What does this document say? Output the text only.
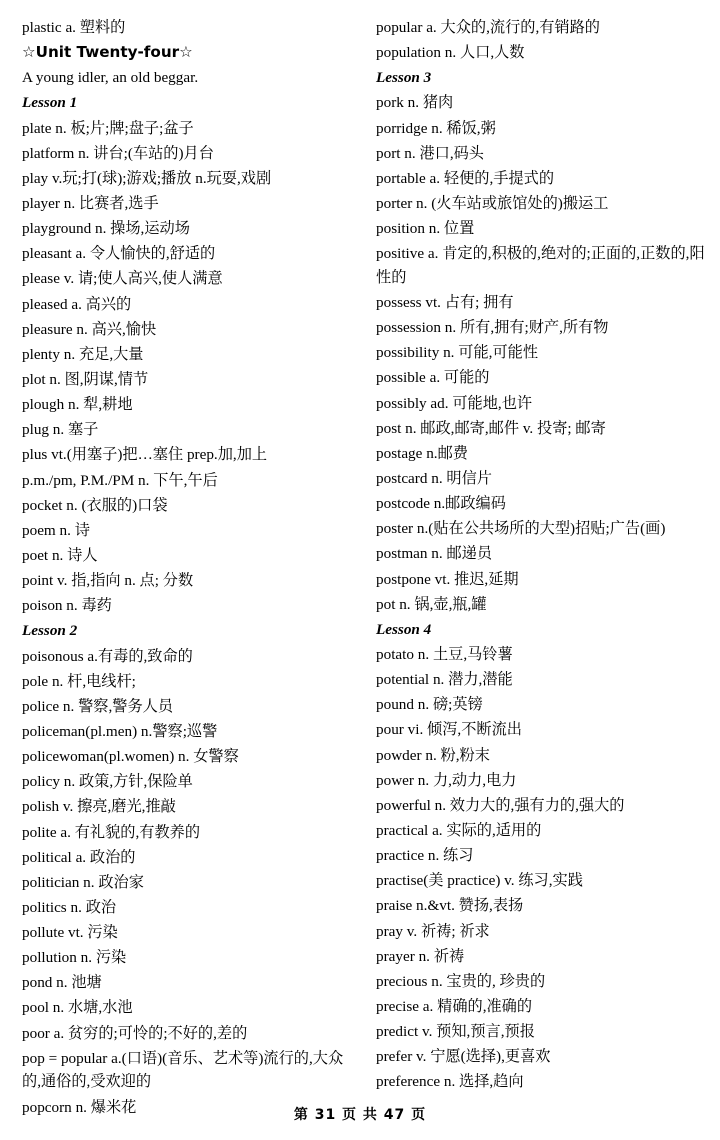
plastic a. 塑料的

☆Unit Twenty-four☆

A young idler, an old beggar.

Lesson 1

plate n. 板;片;牌;盘子;盆子

platform n. 讲台;(车站的)月台

play v.玩;打(球);游戏;播放 n.玩耍,戏剧

player n. 比赛者,选手

playground n. 操场,运动场

pleasant a. 令人愉快的,舒适的

please v. 请;使人高兴,使人满意

pleased a. 高兴的

pleasure n. 高兴,愉快

plenty n. 充足,大量

plot n. 图,阴谋,情节

plough n. 犁,耕地

plug n. 塞子

plus vt.(用塞子)把…塞住 prep.加,加上

p.m./pm, P.M./PM n. 下午,午后

pocket n. (衣服的)口袋

poem n. 诗

poet n. 诗人

point v. 指,指向 n. 点; 分数

poison n. 毒药

Lesson 2

poisonous a.有毒的,致命的

pole n. 杆,电线杆;

police n. 警察,警务人员

policeman(pl.men) n.警察;巡警

policewoman(pl.women) n. 女警察

policy n. 政策,方针,保险单

polish v. 擦亮,磨光,推敲

polite a. 有礼貌的,有教养的

political a. 政治的

politician n. 政治家

politics n. 政治

pollute vt. 污染

pollution n. 污染

pond n. 池塘

pool n. 水塘,水池

poor a. 贫穷的;可怜的;不好的,差的

pop = popular a.(口语)(音乐、艺术等)流行的,大众的,通俗的,受欢迎的

popcorn n. 爆米花

popular a. 大众的,流行的,有销路的

population n. 人口,人数

Lesson 3

pork n. 猪肉

porridge n. 稀饭,粥

port n. 港口,码头

portable a. 轻便的,手提式的

porter n. (火车站或旅馆处的)搬运工

position n. 位置

positive a. 肯定的,积极的,绝对的;正面的,正数的,阳性的

possess vt. 占有; 拥有

possession n. 所有,拥有;财产,所有物

possibility n. 可能,可能性

possible a. 可能的

possibly ad. 可能地,也许

post n. 邮政,邮寄,邮件 v. 投寄; 邮寄

postage n.邮费

postcard n. 明信片

postcode n.邮政编码

poster n.(贴在公共场所的大型)招贴;广告(画)

postman n. 邮递员

postpone vt. 推迟,延期

pot n. 锅,壶,瓶,罐

Lesson 4

potato n. 土豆,马铃薯

potential n. 潜力,潜能

pound n. 磅;英镑

pour vi. 倾泻,不断流出

powder n. 粉,粉末

power n. 力,动力,电力

powerful n. 效力大的,强有力的,强大的

practical a. 实际的,适用的

practice n. 练习

practise(美 practice) v. 练习,实践

praise n.&vt. 赞扬,表扬

pray v. 祈祷; 祈求

prayer n. 祈祷

precious n. 宝贵的, 珍贵的

precise a. 精确的,准确的

predict v. 预知,预言,预报

prefer v. 宁愿(选择),更喜欢

preference n. 选择,趋向

第 31 页 共 47 页
